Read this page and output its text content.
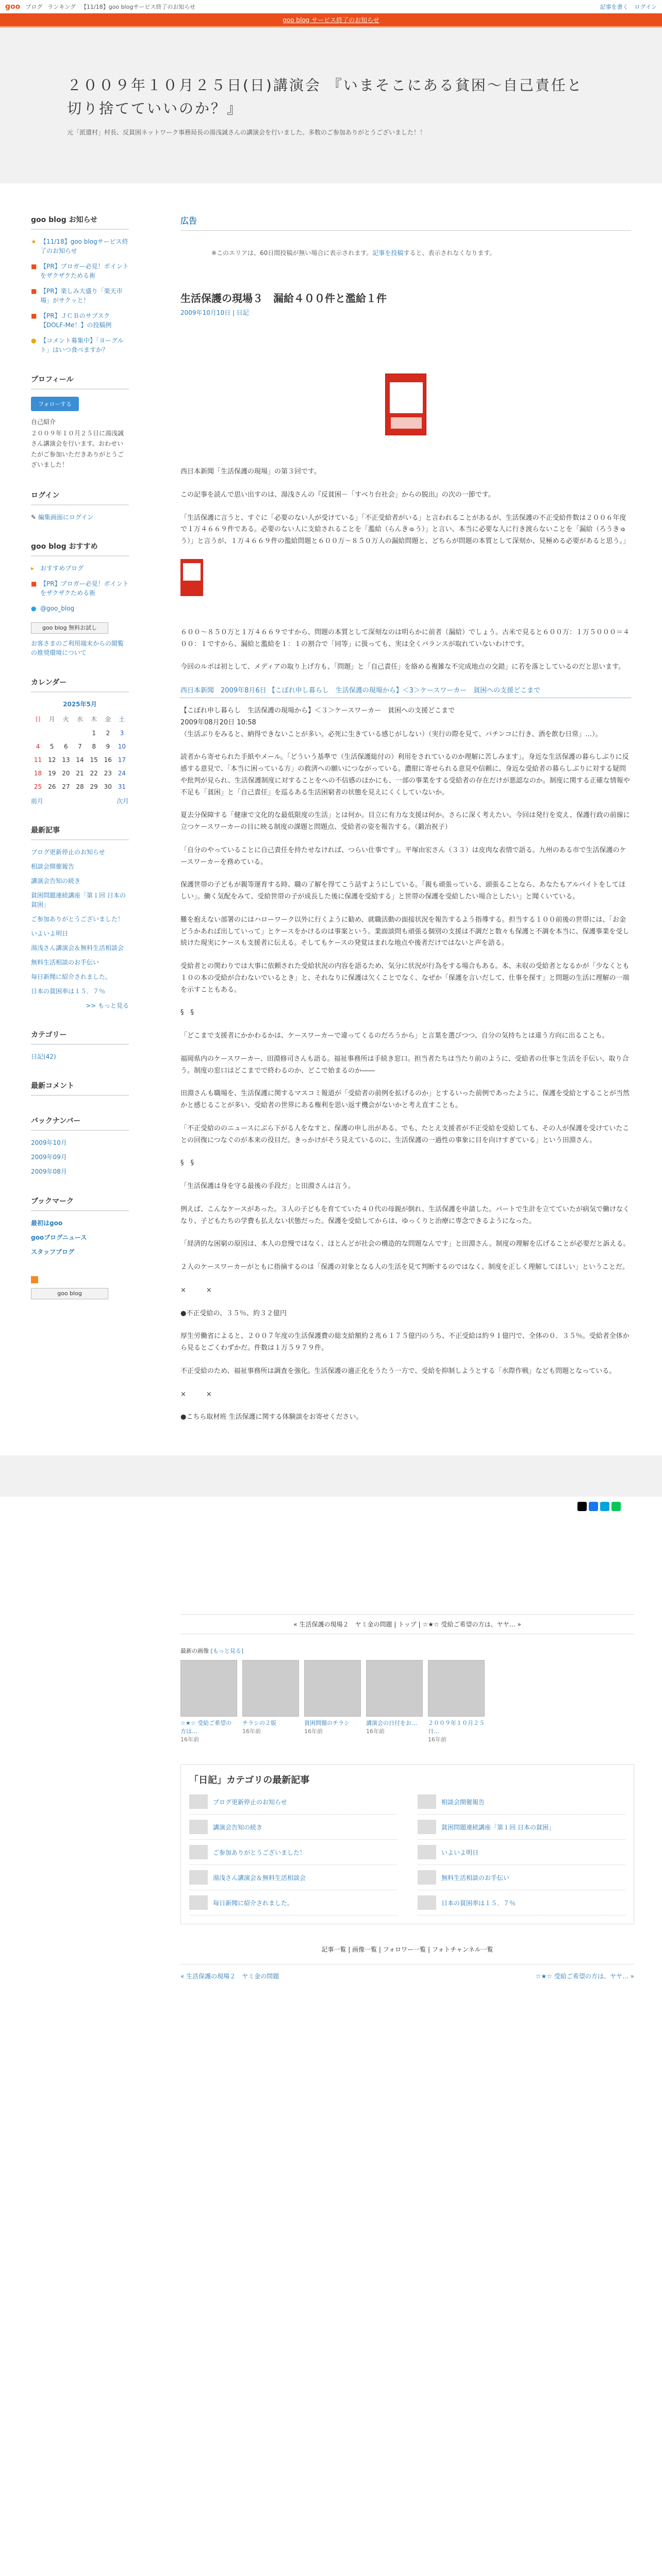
goo ブログ ランキング 【11/18】goo blogサービス終了のお知らせ	記事を書く ログイン
goo blog サービス終了のお知らせ
２００９年１０月２５日(日)講演会 『いまそこにある貧困〜自己責任と切り捨てていいのか？』
元「派遣村」村長、反貧困ネットワーク事務局長の湯浅誠さんの講演会を行いました。多数のご参加ありがとうございました！！
goo blog お知らせ
★ 【11/18】goo blogサービス終了のお知らせ
■ 【PR】ブロガー必見！ポイントをザクザクためる術
■ 【PR】楽しみ大盛り「楽天市場」がサクッと！
■ 【PR】ＪＣＢのサブスク【DOLF-Me！】の投稿例
● 【コメント募集中】「ヨーグルト」はいつ食べますか？
プロフィール
フォローする
自己紹介
２００９年１０月２５日に湯浅誠さん講演会を行います。おわせいたがご参加いただきありがとうございました！
ログイン
✎ 編集画面にログイン
goo blog おすすめ
▸ おすすめブログ
■ 【PR】ブロガー必見！ポイントをザクザクためる術
● @goo_blog
goo blog 無料お試し
お客さまのご利用端末からの閲覧の推奨環境について
カレンダー
2025年5月
日	月	火	水	木	金	土
				1	2	3
4	5	6	7	8	9	10
11	12	13	14	15	16	17
18	19	20	21	22	23	24
25	26	27	28	29	30	31
前月	次月
最新記事
ブログ更新停止のお知らせ
相談会開催報告
講演会告知の続き
貧困問題連続講座「第１回 日本の貧困」
ご参加ありがとうございました！
いよいよ明日
湯浅さん講演会＆無料生活相談会
無料生活相談のお手伝い
毎日新聞に紹介されました。
日本の貧困率は１５．７％
>> もっと見る
カテゴリー
日記(42)
最新コメント
バックナンバー
2009年10月
2009年09月
2009年08月
ブックマーク
最初はgoo
gooブログニュース
スタッフブログ

goo blog
広告
※このエリアは、60日間投稿が無い場合に表示されます。記事を投稿すると、表示されなくなります。
生活保護の現場３　漏給４００件と濫給１件
2009年10月10日 | 日記

西日本新聞「生活保護の現場」の第３回です。

この記事を読んで思い出すのは、湯浅さんの『反貧困－「すべり台社会」からの脱出』の次の一節です。

「生活保護に言うと、すぐに「必要のない人が受けている」「不正受給者がいる」と言われることがあるが、生活保護の不正受給件数は２００６年度で１万４６６９件である。必要のない人に支給されることを「濫給（らんきゅう）」と言い、本当に必要な人に行き渡らないことを「漏給（ろうきゅう）」と言うが、１万４６６９件の濫給問題と６００万〜８５０万人の漏給問題と、どちらが問題の本質として深刻か、見極める必要があると思う。」

６００〜８５０万と１万４６６９ですから、問題の本質として深刻なのは明らかに前者（漏給）でしょう。古米で見ると６００万：１万５０００＝４００：１ですから、漏給と濫給を１：１の割合で「同等」に扱っても、実は全くバランスが取れていないわけです。

今回のルポは初として、メディアの取り上げ方も、「問題」と「自己責任」を絡める複雑な不完成地点の交錯」に若を落としているのだと思います。

西日本新聞　2009年8月6日 【こぼれ申し暮らし　生活保護の現場から】＜3＞ケースワーカー　貧困への支援どこまで

【こぼれ申し暮らし　生活保護の現場から】＜３＞ケースワーカー　貧困への支援どこまで
2009年08月20日 10:58
（生活ぶりをみると、納得できないことが多い。必死に生きている感じがしない）（実行の際を見て、パチンコに行き、酒を飲む日常」…）。

読者から寄せられた手紙やメール。「どういう基準で（生活保護総付の）利用をされているのか理解に苦しみます」。身近な生活保護の暮らしぶりに反感する意見で、「本当に困っている方」の救済への願いにつながっている。濃紺に寄せられる意見や信頼に、身近な受給者の暮らしぶりに対する疑問や批判が見られ、生活保護制度に対することをへの不信感のほかにも、一部の事業をする受給者の存在だけが悪認なのか。制度に関する正確な情報や不足も「貧困」と「自己責任」を巡るある生活困窮者の状態を見えにくくしていないか。

夏去分保障する「健康で文化的な最低限度の生活」とは何か。目立に有力な支援は何か。さらに深く考えたい。今回は発行を変え、保護行政の前線に立つケースワーカーの目に映る制度の課題と問題点、受給者の姿を報告する。（鍛冶祝子）

「自分のやっていることに自己責任を持たせなければ、つらい仕事です」。平塚由宏さん（３３）は皮肉な表情で語る。九州のある市で生活保護のケースワーカーを務めている。

保護世帯の子どもが親等運育する時、職の了解を得てこう話すようにしている。「親も頑張っている、頭張ることなら、あなたもアルバイトをしてほしい」。働く気配をみて、受給世帯の子が成長した後に保護を受給する」と世帯の保護を受給したい場合としたい」と聞くいている。

難を抱えない部署のにはハローワーク以外に行くように勧め、就職活動の面接状況を報告するよう指導する。担当する１００前後の世帯には、「お金どうかあれば出していって」とケースをかけるのは事案という。業面談問も頑張る個別の支援は不調だと数々も保護と不調を本当に、保護事業を受し続けた現実にケースも支援者に伝える。そしてもケースの発覚はまれな地点や後者だけではないと声を語る。

受給者との関わりでは大事に依頼された受給状況の内容を語るため、気分に状況が行為をする場合もある。本、未収の受給者となるかが「少なくとも１０の本の受給が合わないでいるとき」と、それなりに保護は欠くことでなく、なぜか「保護を言いだして、仕事を探す」と問題の生活に理解の一端を示すこともある。

§　§

「どこまで支援者にかかわるかは、ケースワーカーで違ってくるのだろうから」と言葉を選びつつ、自分の気持ちとは違う方向に出ることも。

福岡県内のケースワーカー、田淵修司さんも語る。福祉事務所は手続き窓口。担当者たちは当たり前のように、受給者の仕事と生活を手伝い、取り合う。制度の窓口はどこまでで終わるのか、どこで始まるのか――

田淵さんも職場を、生活保護に関するマスコミ報道が「受給者の前例を拡げるのか」とするいった前例であったように、保護を受給とすることが当然かと感じることが多い、受給者の世界にある権利を思い返す機会がないかと考え直すことも。

「不正受給ののニュースにぶら下がる人をなすと、保護の申し出がある。でも、たとえ支援者が不正受給を受給しても、その人が保護を受けていたことの回復につなぐのが本来の役目だ。きっかけがそう見えているのに、生活保護の一過性の事象に目を向けすぎている」という田淵さん。

§　§

「生活保護は身を守る最後の手段だ」と田淵さんは言う。

例えば、こんなケースがあった。３人の子どもを育てていた４０代の母親が倒れ、生活保護を申請した。パートで生計を立てていたが病気で働けなくなり、子どもたちの学費も払えない状態だった。保護を受給してからは、ゆっくりと治療に専念できるようになった。

「経済的な困窮の原因は、本人の怠慢ではなく、ほとんどが社会の構造的な問題なんです」と田淵さん。制度の理解を広げることが必要だと訴える。

２人のケースワーカーがともに指摘するのは「保護の対象となる人の生活を見て判断するのではなく、制度を正しく理解してほしい」ということだ。

×　　　×

●不正受給の、３５％、約３２億円

厚生労働省によると、２００７年度の生活保護費の総支給額約２兆６１７５億円のうち、不正受給は約９１億円で、全体の０．３５％。受給者全体から見るとごくわずかだ。件数は１万５９７９件。

不正受給のため、福祉事務所は調査を強化。生活保護の適正化をうたう一方で、受給を抑制しようとする「水際作戦」なども問題となっている。

×　　　×

●こちら取材班 生活保護に関する体験談をお寄せください。

« 生活保護の現場２　ヤミ金の問題 | トップ | ☆★☆ 受給ご希望の方は、ヤヤ… »
最新の画像 [もっと見る]
☆★☆ 受給ご希望の方は…
16年前
チラシの２版
16年前
貧困問題のチラシ
16年前
講演会の日付をお…
16年前
２００９年１０月２５日…
16年前
「日記」カテゴリの最新記事
ブログ更新停止のお知らせ	相談会開催報告
講演会告知の続き	貧困問題連続講座「第１回 日本の貧困」
ご参加ありがとうございました！	いよいよ明日
湯浅さん講演会＆無料生活相談会	無料生活相談のお手伝い
毎日新聞に紹介されました。	日本の貧困率は１５．７％
記事一覧 | 画像一覧 | フォロワー一覧 | フォトチャンネル一覧
« 生活保護の現場２　ヤミ金の問題	☆★☆ 受給ご希望の方は、ヤヤ… »
